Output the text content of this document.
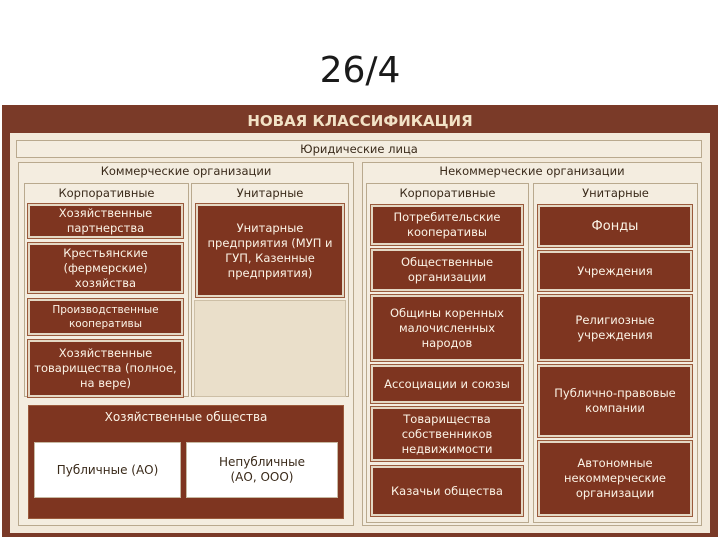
26/4
НОВАЯ КЛАССИФИКАЦИЯ
Юридические лица
Коммерческие организации
Корпоративные	Унитарные
Хозяйственные партнерства
Крестьянские (фермерские) хозяйства
Производственные кооперативы
Хозяйственные товарищества (полное, на вере)
Унитарные предприятия (МУП и ГУП, Казенные предприятия)
Хозяйственные общества
Публичные (АО)
Непубличные (АО, ООО)
Некоммерческие организации
Корпоративные	Унитарные
Потребительские кооперативы
Общественные организации
Общины коренных малочисленных народов
Ассоциации и союзы
Товарищества собственников недвижимости
Казачьи общества
Фонды
Учреждения
Религиозные учреждения
Публично-правовые компании
Автономные некоммерческие организации
